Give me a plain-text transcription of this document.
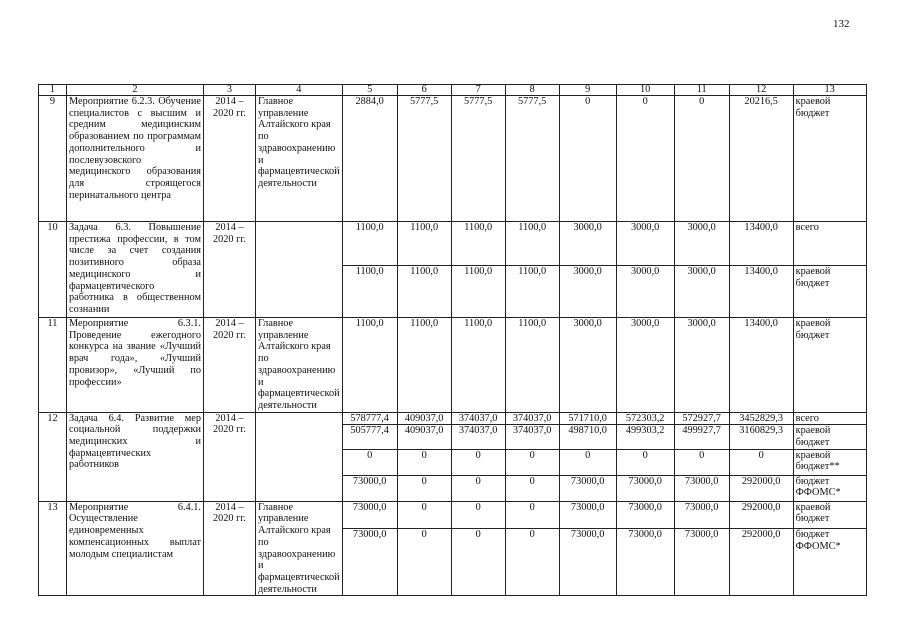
132
1	2	3	4	5	6	7	8	9	10	11	12	13
9	Мероприятие 6.2.3. Обучение специалистов с высшим и средним медицинским образованием по программам дополнительного и послевузовского медицинского образования для строящегося перинатального центра	2014 – 2020 гг.	Главное управление Алтайского края по здравоохранению и фармацевтической деятельности	2884,0	5777,5	5777,5	5777,5	0	0	0	20216,5	краевой бюджет
10	Задача 6.3. Повышение престижа профессии, в том числе за счет создания позитивного образа медицинского и фармацевтического работника в общественном сознании	2014 – 2020 гг.		1100,0	1100,0	1100,0	1100,0	3000,0	3000,0	3000,0	13400,0	всего
				1100,0	1100,0	1100,0	1100,0	3000,0	3000,0	3000,0	13400,0	краевой бюджет
11	Мероприятие 6.3.1. Проведение ежегодного конкурса на звание «Лучший врач года», «Лучший провизор», «Лучший по профессии»	2014 – 2020 гг.	Главное управление Алтайского края по здравоохранению и фармацевтической деятельности	1100,0	1100,0	1100,0	1100,0	3000,0	3000,0	3000,0	13400,0	краевой бюджет
12	Задача 6.4. Развитие мер социальной поддержки медицинских и фармацевтических работников	2014 – 2020 гг.		578777,4	409037,0	374037,0	374037,0	571710,0	572303,2	572927,7	3452829,3	всего
				505777,4	409037,0	374037,0	374037,0	498710,0	499303,2	499927,7	3160829,3	краевой бюджет
				0	0	0	0	0	0	0	0	краевой бюджет**
				73000,0	0	0	0	73000,0	73000,0	73000,0	292000,0	бюджет ФФОМС*
13	Мероприятие 6.4.1. Осуществление единовременных компенсационных выплат молодым специалистам	2014 – 2020 гг.	Главное управление Алтайского края по здравоохранению и фармацевтической деятельности	73000,0	0	0	0	73000,0	73000,0	73000,0	292000,0	краевой бюджет
				73000,0	0	0	0	73000,0	73000,0	73000,0	292000,0	бюджет ФФОМС*
